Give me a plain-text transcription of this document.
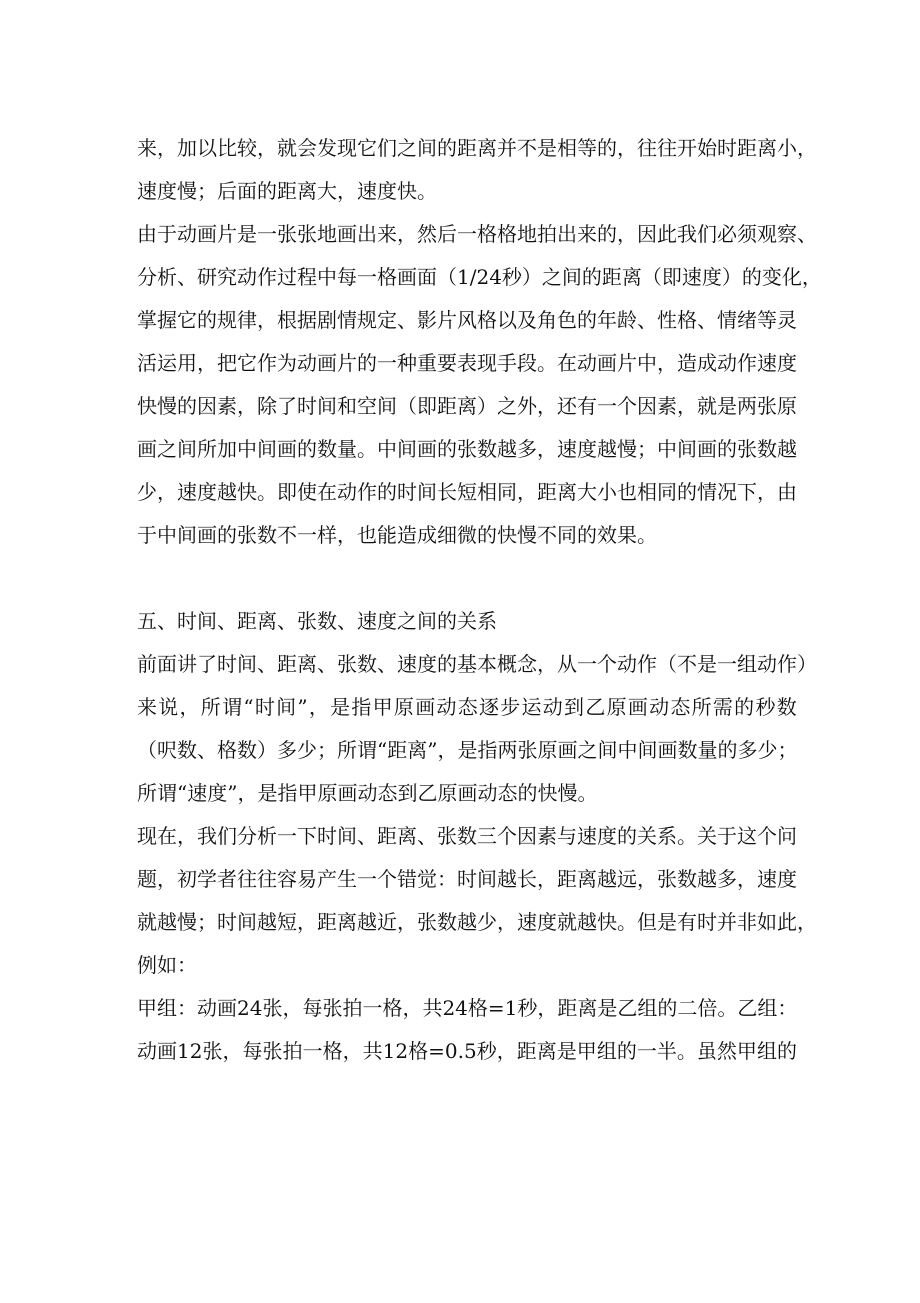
来 ， 加 以 比 较 ， 就 会 发 现 它 们 之 间 的 距 离 并 不 是 相 等 的 ， 往 往 开 始 时 距 离 小 ，
速度慢；后面的距离大，速度快。
由 于 动 画 片 是 一 张 张 地 画 出 来 ， 然 后 一 格 格 地 拍 出 来 的 ， 因 此 我 们 必 须 观 察 、
分 析 、 研 究 动 作 过 程 中 每 一 格 画 面 （ 1/24 秒 ） 之 间 的 距 离 （ 即 速 度 ） 的 变 化 ，
掌 握 它 的 规 律 ， 根 据 剧 情 规 定 、 影 片 风 格 以 及 角 色 的 年 龄 、 性 格 、 情 绪 等 灵
活 运 用 ， 把 它 作 为 动 画 片 的 一 种 重 要 表 现 手 段 。 在 动 画 片 中 ， 造 成 动 作 速 度
快 慢 的 因 素 ， 除 了 时 间 和 空 间 （ 即 距 离 ） 之 外 ， 还 有 一 个 因 素 ， 就 是 两 张 原
画 之 间 所 加 中 间 画 的 数 量 。 中 间 画 的 张 数 越 多 ， 速 度 越 慢 ； 中 间 画 的 张 数 越
少 ， 速 度 越 快 。 即 使 在 动 作 的 时 间 长 短 相 同 ， 距 离 大 小 也 相 同 的 情 况 下 ， 由
于中间画的张数不一样，也能造成细微的快慢不同的效果。
五、时间、距离、张数、速度之间的关系
前 面 讲 了 时 间 、 距 离 、 张 数 、 速 度 的 基 本 概 念 ， 从 一 个 动 作 （ 不 是 一 组 动 作 ）
来 说 ， 所 谓 “ 时 间 ” ， 是 指 甲 原 画 动 态 逐 步 运 动 到 乙 原 画 动 态 所 需 的 秒 数
（ 呎 数 、 格 数 ） 多 少 ； 所 谓 “ 距 离 ” ， 是 指 两 张 原 画 之 间 中 间 画 数 量 的 多 少 ；
所谓“速度”，是指甲原画动态到乙原画动态的快慢。
现 在 ， 我 们 分 析 一 下 时 间 、 距 离 、 张 数 三 个 因 素 与 速 度 的 关 系 。 关 于 这 个 问
题 ， 初 学 者 往 往 容 易 产 生 一 个 错 觉 ： 时 间 越 长 ， 距 离 越 远 ， 张 数 越 多 ， 速 度
就 越 慢 ； 时 间 越 短 ， 距 离 越 近 ， 张 数 越 少 ， 速 度 就 越 快 。 但 是 有 时 并 非 如 此 ，
例如：
甲 组 ： 动 画 24 张 ， 每 张 拍 一 格 ， 共 24 格 =1 秒 ， 距 离 是 乙 组 的 二 倍 。 乙 组 ：
动 画 12 张 ， 每 张 拍 一 格 ， 共 12 格 =0.5 秒 ， 距 离 是 甲 组 的 一 半 。 虽 然 甲 组 的
